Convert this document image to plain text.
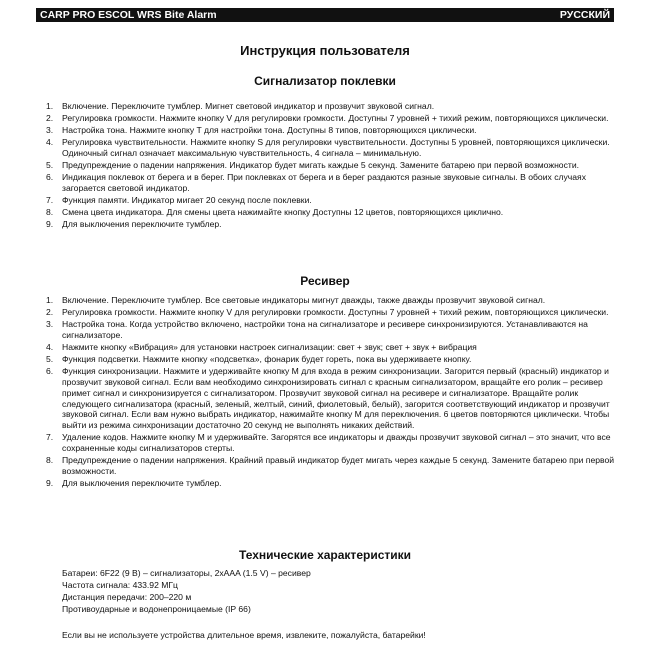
CARP PRO ESCOL WRS Bite Alarm	РУССКИЙ
Инструкция пользователя
Сигнализатор поклевки
Включение. Переключите тумблер. Мигнет световой индикатор и прозвучит звуковой сигнал.
Регулировка громкости. Нажмите кнопку V для регулировки громкости. Доступны 7 уровней + тихий режим, повторяющихся циклически.
Настройка тона. Нажмите кнопку T для настройки тона. Доступны 8 типов, повторяющихся циклически.
Регулировка чувствительности. Нажмите кнопку S для регулировки чувствительности. Доступны 5 уровней, повторяющихся циклически. Одиночный сигнал означает максимальную чувствительность, 4 сигнала – минимальную.
Предупреждение о падении напряжения. Индикатор будет мигать каждые 5 секунд. Замените батарею при первой возможности.
Индикация поклевок от берега и в берег. При поклевках от берега и в берег раздаются разные звуковые сигналы. В обоих случаях загорается световой индикатор.
Функция памяти. Индикатор мигает 20 секунд после поклевки.
Смена цвета индикатора. Для смены цвета нажимайте кнопку Доступны 12 цветов, повторяющихся циклично.
Для выключения переключите тумблер.
Ресивер
Включение. Переключите тумблер. Все световые индикаторы мигнут дважды, также дважды прозвучит звуковой сигнал.
Регулировка громкости. Нажмите кнопку V для регулировки громкости. Доступны 7 уровней + тихий режим, повторяющихся циклически.
Настройка тона. Когда устройство включено, настройки тона на сигнализаторе и ресивере синхронизируются. Устанавливаются на сигнализаторе.
Нажмите кнопку «Вибрация» для установки настроек сигнализации: свет + звук; свет + звук + вибрация
Функция подсветки. Нажмите кнопку «подсветка», фонарик будет гореть, пока вы удерживаете кнопку.
Функция синхронизации. Нажмите и удерживайте кнопку M для входа в режим синхронизации. Загорится первый (красный) индикатор и прозвучит звуковой сигнал. Если вам необходимо синхронизировать сигнал с красным сигнализатором, вращайте его ролик – ресивер примет сигнал и синхронизируется с сигнализатором. Прозвучит звуковой сигнал на ресивере и сигнализаторе. Вращайте ролик следующего сигнализатора (красный, зеленый, желтый, синий, фиолетовый, белый), загорится соответствующий индикатор и прозвучит звуковой сигнал. Если вам нужно выбрать индикатор, нажимайте кнопку M для переключения. 6 цветов повторяются циклически. Чтобы выйти из режима синхронизации достаточно 20 секунд не выполнять никаких действий.
Удаление кодов. Нажмите кнопку M и удерживайте. Загорятся все индикаторы и дважды прозвучит звуковой сигнал – это значит, что все сохраненные коды сигнализаторов стерты.
Предупреждение о падении напряжения. Крайний правый индикатор будет мигать через каждые 5 секунд. Замените батарею при первой возможности.
Для выключения переключите тумблер.
Технические характеристики
Батареи: 6F22 (9 В) – сигнализаторы, 2xAAA (1.5 V) – ресивер
Частота сигнала: 433.92 МГц
Дистанция передачи: 200–220 м
Противоударные и водонепроницаемые (IP 66)
Если вы не используете устройства длительное время, извлеките, пожалуйста, батарейки!
